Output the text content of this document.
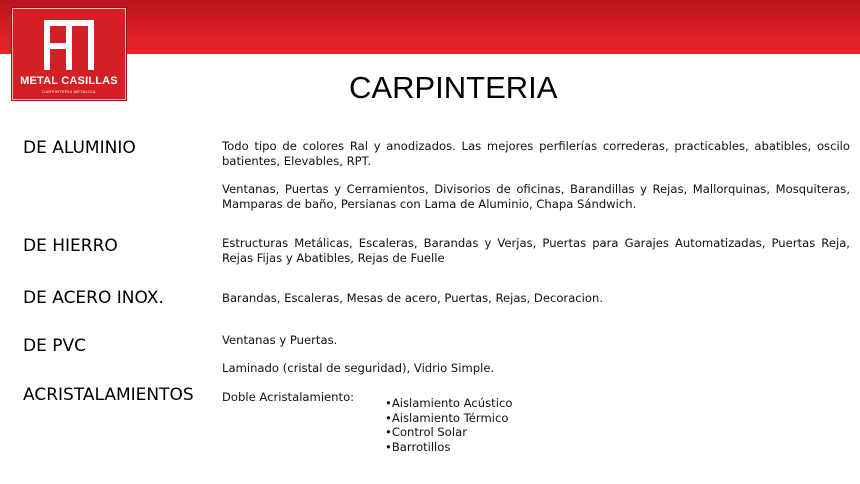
METAL CASILLAS
CARPINTERIA METALICA	CARPINTERIA
DE ALUMINIO	Todo tipo de colores Ral y anodizados. Las mejores perfilerías correderas, practicables, abatibles, oscilo batientes, Elevables, RPT.
Ventanas, Puertas y Cerramientos, Divisorios de oficinas, Barandillas y Rejas, Mallorquinas, Mosquiteras, Mamparas de baño, Persianas con Lama de Aluminio, Chapa Sándwich.
DE HIERRO	Estructuras Metálicas, Escaleras, Barandas y Verjas, Puertas para Garajes Automatizadas, Puertas Reja, Rejas Fijas y Abatibles, Rejas de Fuelle
DE ACERO INOX.	Barandas, Escaleras, Mesas de acero, Puertas, Rejas, Decoracion.
DE PVC	Ventanas y Puertas.
ACRISTALAMIENTOS
Laminado (cristal de seguridad), Vidrio Simple.
Doble Acristalamiento:
•	Aislamiento Acústico
• Aislamiento Térmico
• Control Solar
• Barrotillos
